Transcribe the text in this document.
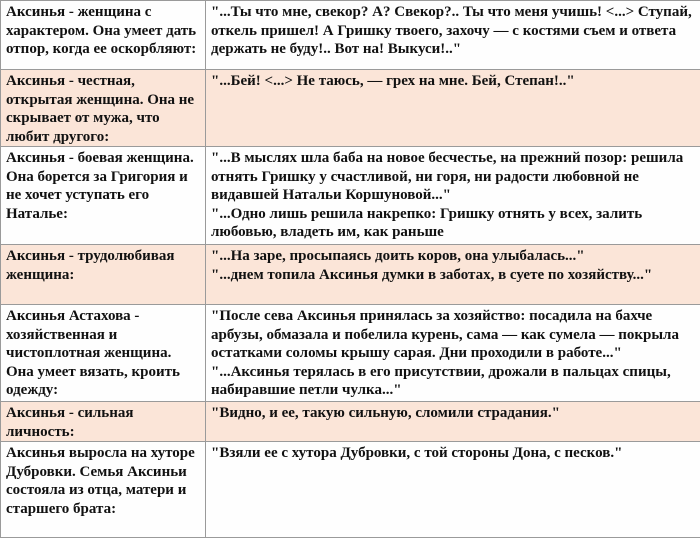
Аксинья - женщина с характером. Она умеет дать отпор, когда ее оскорбляют:	"...Ты что мне, свекор? А? Свекор?.. Ты что меня учишь! <...> Ступай, откель пришел! А Гришку твоего, захочу — с костями съем и ответа держать не буду!.. Вот на! Выкуси!.."

Аксинья - честная, открытая женщина. Она не скрывает от мужа, что любит другого:	"...Бей! <...> Не таюсь, — грех на мне. Бей, Степан!.."

Аксинья - боевая женщина. Она борется за Григория и не хочет уступать его Наталье:	"...В мыслях шла баба на новое бесчестье, на прежний позор: решила отнять Гришку у счастливой, ни горя, ни радости любовной не видавшей Натальи Коршуновой..."
"...Одно лишь решила накрепко: Гришку отнять у всех, залить любовью, владеть им, как раньше

Аксинья - трудолюбивая женщина:	"...На заре, просыпаясь доить коров, она улыбалась..."
"...днем топила Аксинья думки в заботах, в суете по хозяйству..."

Аксинья Астахова - хозяйственная и чистоплотная женщина. Она умеет вязать, кроить одежду:	"После сева Аксинья принялась за хозяйство: посадила на бахче арбузы, обмазала и побелила курень, сама — как сумела — покрыла остатками соломы крышу сарая. Дни проходили в работе..."
"...Аксинья терялась в его присутствии, дрожали в пальцах спицы, набиравшие петли чулка..."

Аксинья - сильная личность:	"Видно, и ее, такую сильную, сломили страдания."

Аксинья выросла на хуторе Дубровки. Семья Аксиньи состояла из отца, матери и старшего брата:	"Взяли ее с хутора Дубровки, с той стороны Дона, с песков."
